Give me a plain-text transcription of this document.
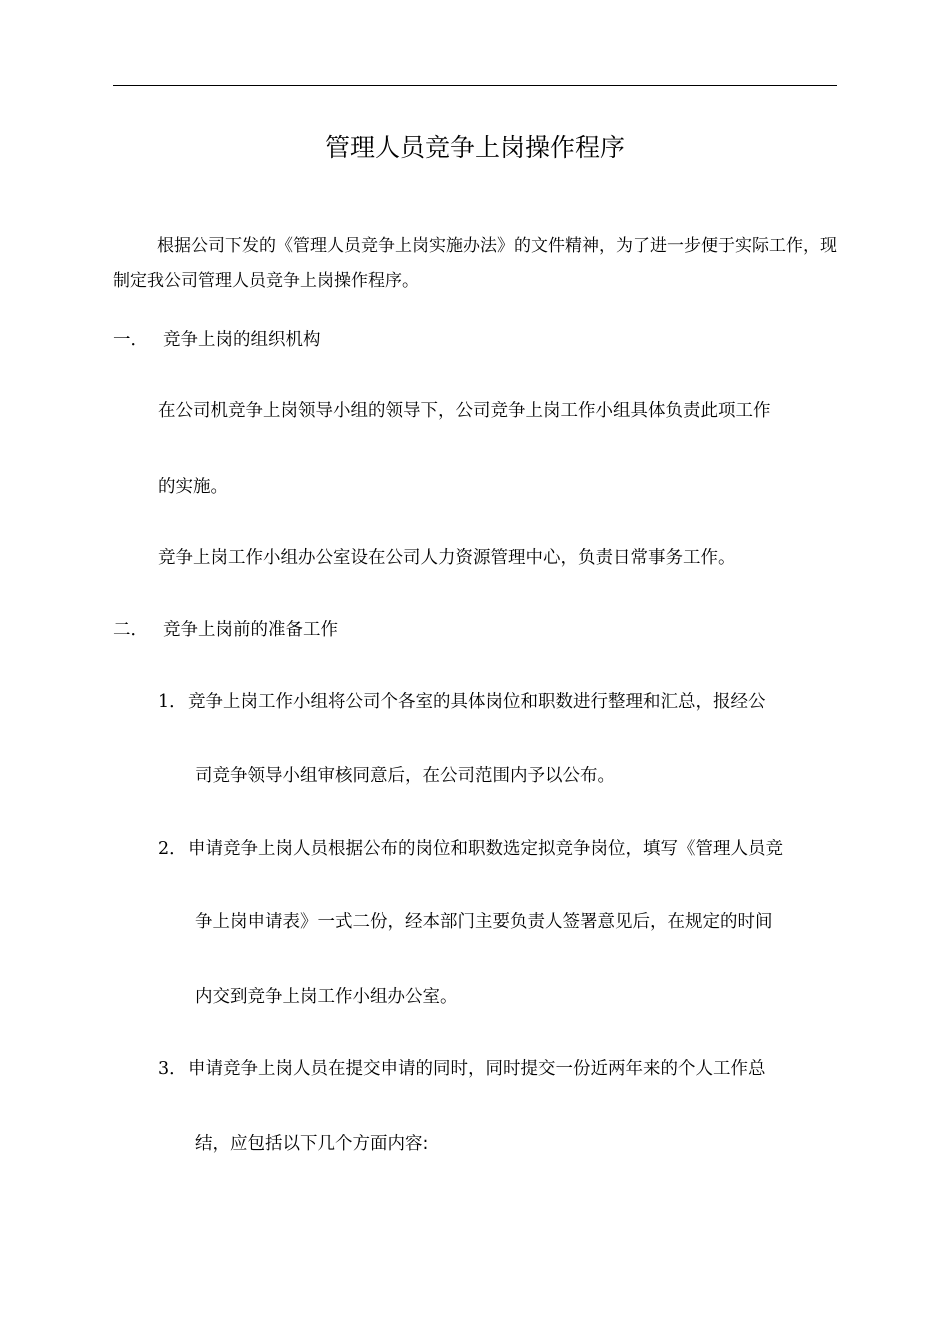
管理人员竞争上岗操作程序

根据公司下发的《管理人员竞争上岗实施办法》的文件精神，为了进一步便于实际工作，现制定我公司管理人员竞争上岗操作程序。

一． 竞争上岗的组织机构
在公司机竞争上岗领导小组的领导下，公司竞争上岗工作小组具体负责此项工作
的实施。
竞争上岗工作小组办公室设在公司人力资源管理中心，负责日常事务工作。
二． 竞争上岗前的准备工作
1．竞争上岗工作小组将公司个各室的具体岗位和职数进行整理和汇总，报经公
司竞争领导小组审核同意后，在公司范围内予以公布。
2．申请竞争上岗人员根据公布的岗位和职数选定拟竞争岗位，填写《管理人员竞
争上岗申请表》一式二份，经本部门主要负责人签署意见后，在规定的时间
内交到竞争上岗工作小组办公室。
3．申请竞争上岗人员在提交申请的同时，同时提交一份近两年来的个人工作总
结，应包括以下几个方面内容:
